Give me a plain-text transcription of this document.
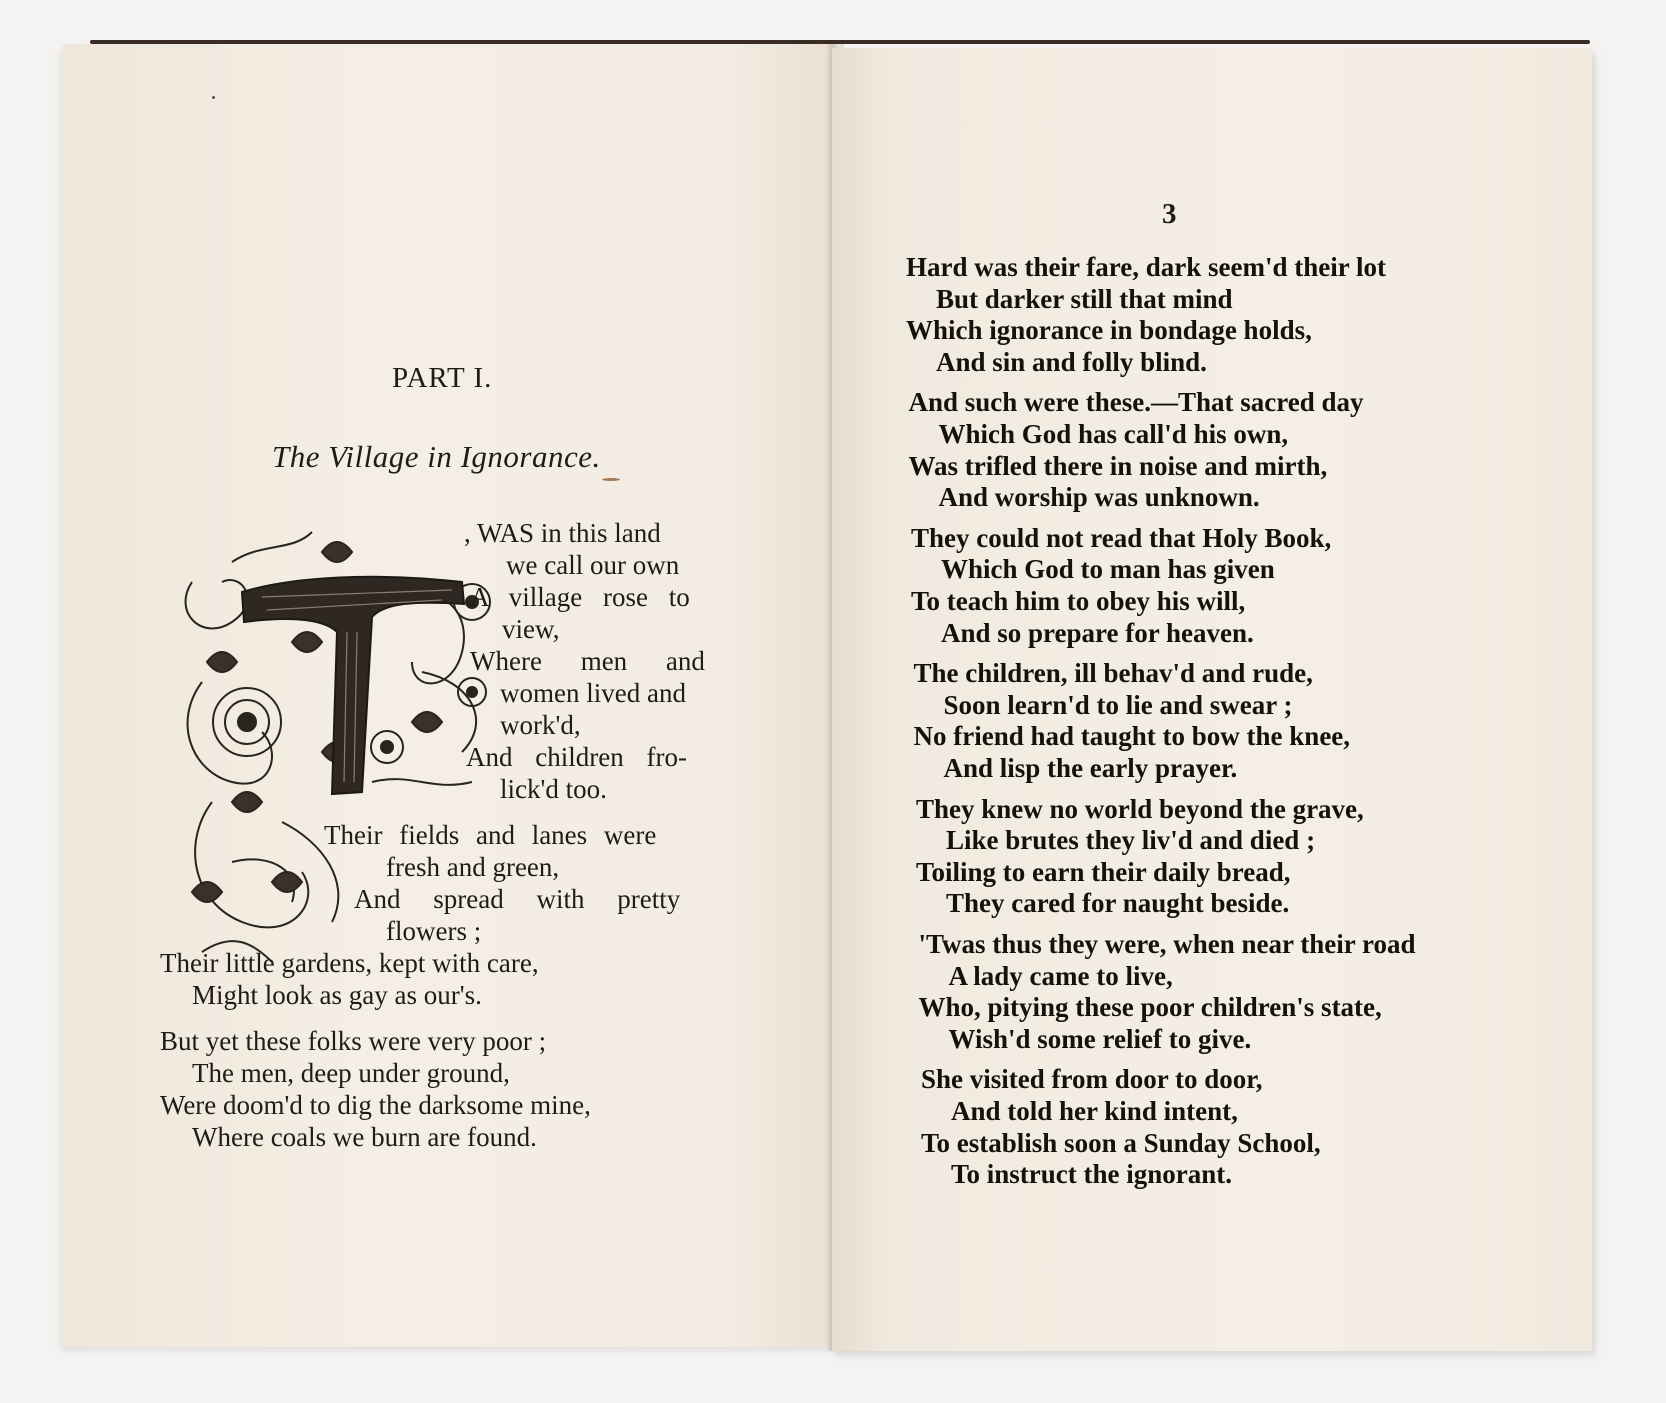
PART I.
The Village in Ignorance.
, WAS in this land
we call our own
A village rose to
view,
Where men and
women lived and
work'd,
And children fro-
lick'd too.
Their fields and lanes were
fresh and green,
And spread with pretty
flowers ;
Their little gardens, kept with care,
Might look as gay as our's.
But yet these folks were very poor ;
The men, deep under ground,
Were doom'd to dig the darksome mine,
Where coals we burn are found.
3
Hard was their fare, dark seem'd their lot
But darker still that mind
Which ignorance in bondage holds,
And sin and folly blind.
And such were these.—That sacred day
Which God has call'd his own,
Was trifled there in noise and mirth,
And worship was unknown.
They could not read that Holy Book,
Which God to man has given
To teach him to obey his will,
And so prepare for heaven.
The children, ill behav'd and rude,
Soon learn'd to lie and swear ;
No friend had taught to bow the knee,
And lisp the early prayer.
They knew no world beyond the grave,
Like brutes they liv'd and died ;
Toiling to earn their daily bread,
They cared for naught beside.
'Twas thus they were, when near their road
A lady came to live,
Who, pitying these poor children's state,
Wish'd some relief to give.
She visited from door to door,
And told her kind intent,
To establish soon a Sunday School,
To instruct the ignorant.
